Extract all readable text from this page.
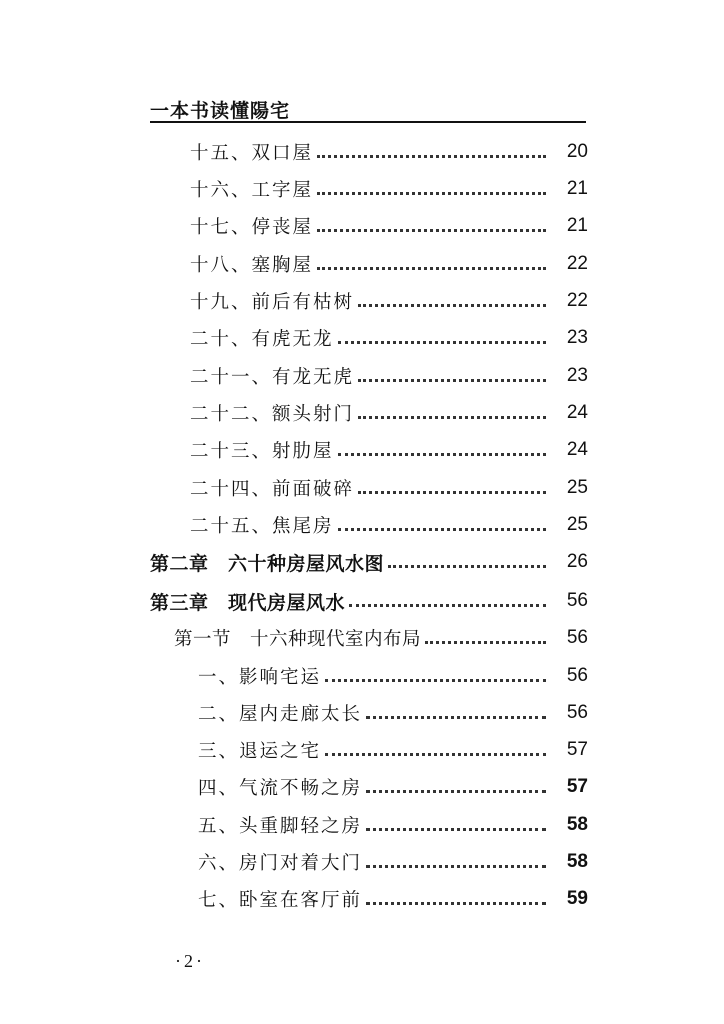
一本书读懂陽宅
十五、双口屋	20
十六、工字屋	21
十七、停丧屋	21
十八、塞胸屋	22
十九、前后有枯树	22
二十、有虎无龙	23
二十一、有龙无虎	23
二十二、额头射门	24
二十三、射肋屋	24
二十四、前面破碎	25
二十五、焦尾房	25
第二章　六十种房屋风水图	26
第三章　现代房屋风水	56
第一节　十六种现代室内布局	56
一、影响宅运	56
二、屋内走廊太长	56
三、退运之宅	57
四、气流不畅之房	57
五、头重脚轻之房	58
六、房门对着大门	58
七、卧室在客厅前	59
·2·
